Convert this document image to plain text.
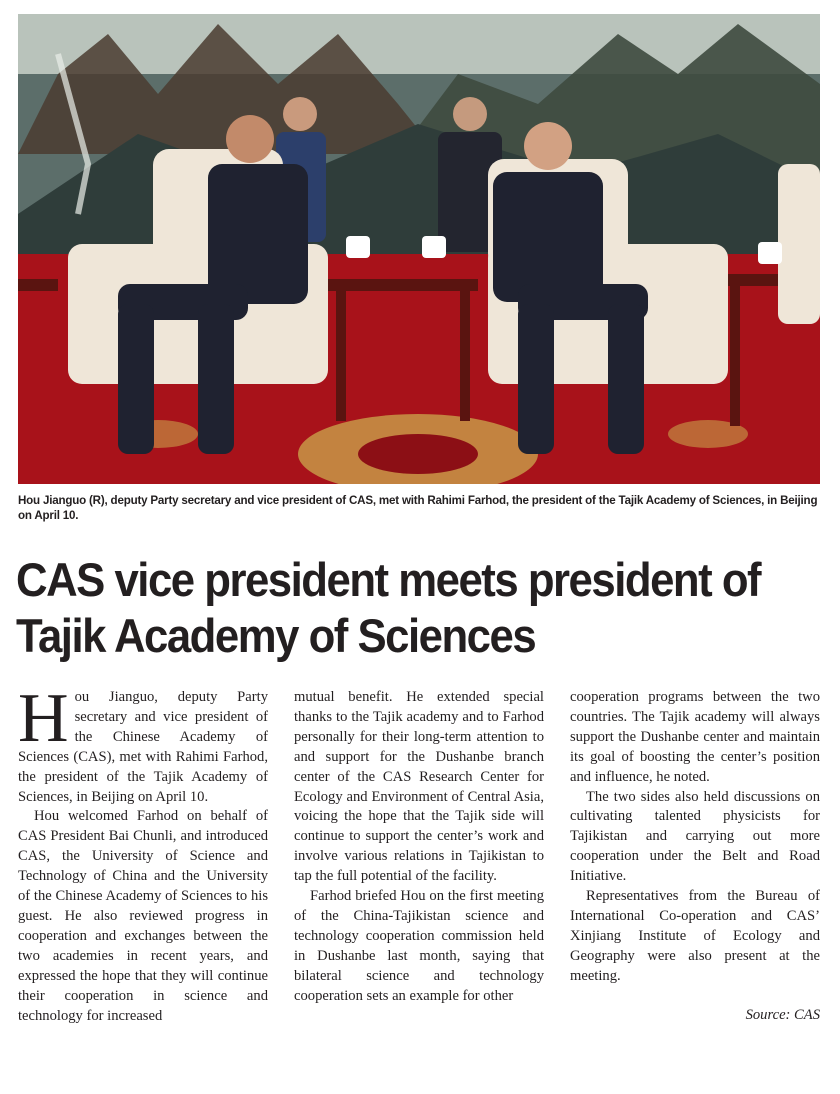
Hou Jianguo (R), deputy Party secretary and vice president of CAS, met with Rahimi Farhod, the president of the Tajik Academy of Sciences, in Beijing on April 10.
CAS vice president meets president of Tajik Academy of Sciences

Hou Jianguo, deputy Party secretary and vice president of the Chinese Academy of Sciences (CAS), met with Rahimi Farhod, the president of the Tajik Academy of Sciences, in Beijing on April 10.

Hou welcomed Farhod on behalf of CAS President Bai Chunli, and introduced CAS, the University of Science and Technology of China and the University of the Chinese Academy of Sciences to his guest. He also reviewed progress in cooperation and exchanges between the two academies in recent years, and expressed the hope that they will continue their cooperation in science and technology for increased

mutual benefit. He extended special thanks to the Tajik academy and to Farhod personally for their long-term attention to and support for the Dushanbe branch center of the CAS Research Center for Ecology and Environment of Central Asia, voicing the hope that the Tajik side will continue to support the center’s work and involve various relations in Tajikistan to tap the full potential of the facility.

Farhod briefed Hou on the first meeting of the China-Tajikistan science and technology cooperation commission held in Dushanbe last month, saying that bilateral science and technology cooperation sets an example for other

cooperation programs between the two countries. The Tajik academy will always support the Dushanbe center and maintain its goal of boosting the center’s position and influence, he noted.

The two sides also held discussions on cultivating talented physicists for Tajikistan and carrying out more cooperation under the Belt and Road Initiative.

Representatives from the Bureau of International Co-operation and CAS’ Xinjiang Institute of Ecology and Geography were also present at the meeting.

Source: CAS
